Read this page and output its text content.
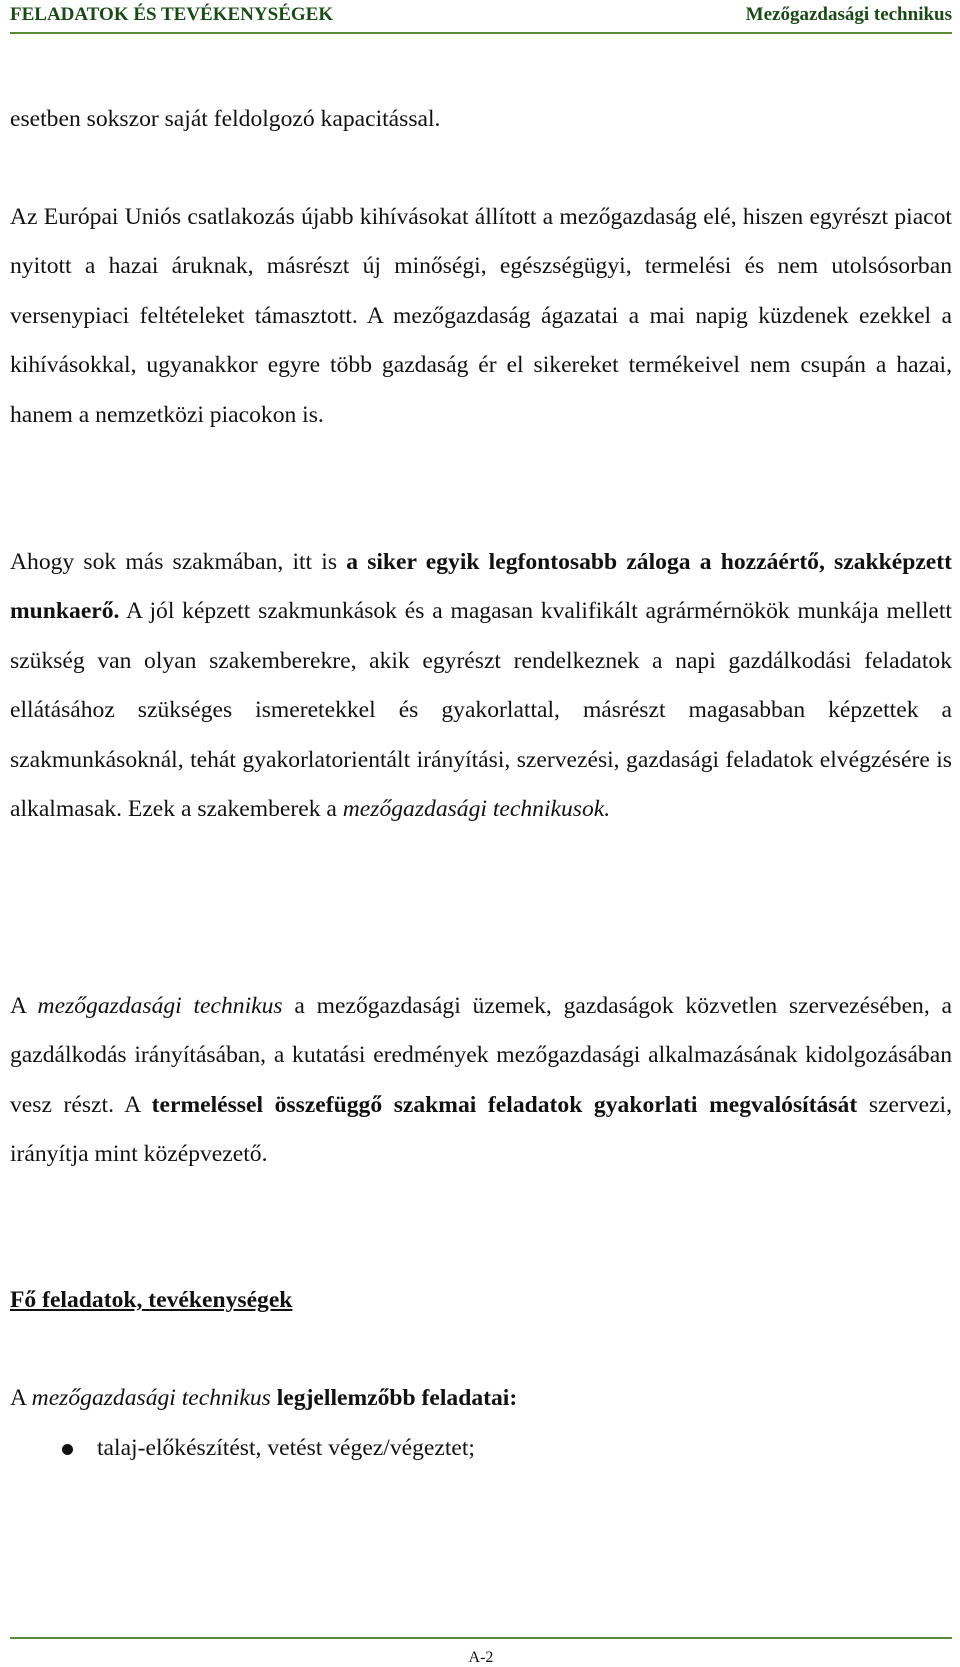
FELADATOK ÉS TEVÉKENYSÉGEK	Mezőgazdasági technikus

esetben sokszor saját feldolgozó kapacitással.

Az Európai Uniós csatlakozás újabb kihívásokat állított a mezőgazdaság elé, hiszen egyrészt piacot nyitott a hazai áruknak, másrészt új minőségi, egészségügyi, termelési és nem utolsósorban versenypiaci feltételeket támasztott. A mezőgazdaság ágazatai a mai napig küzdenek ezekkel a kihívásokkal, ugyanakkor egyre több gazdaság ér el sikereket termékeivel nem csupán a hazai, hanem a nemzetközi piacokon is.

Ahogy sok más szakmában, itt is a siker egyik legfontosabb záloga a hozzáértő, szakképzett munkaerő. A jól képzett szakmunkások és a magasan kvalifikált agrármérnökök munkája mellett szükség van olyan szakemberekre, akik egyrészt rendelkeznek a napi gazdálkodási feladatok ellátásához szükséges ismeretekkel és gyakorlattal, másrészt magasabban képzettek a szakmunkásoknál, tehát gyakorlatorientált irányítási, szervezési, gazdasági feladatok elvégzésére is alkalmasak. Ezek a szakemberek a mezőgazdasági technikusok.

A mezőgazdasági technikus a mezőgazdasági üzemek, gazdaságok közvetlen szervezésében, a gazdálkodás irányításában, a kutatási eredmények mezőgazdasági alkalmazásának kidolgozásában vesz részt. A termeléssel összefüggő szakmai feladatok gyakorlati megvalósítását szervezi, irányítja mint középvezető.

Fő feladatok, tevékenységek

A mezőgazdasági technikus legjellemzőbb feladatai:

talaj-előkészítést, vetést végez/végeztet;
A-2
